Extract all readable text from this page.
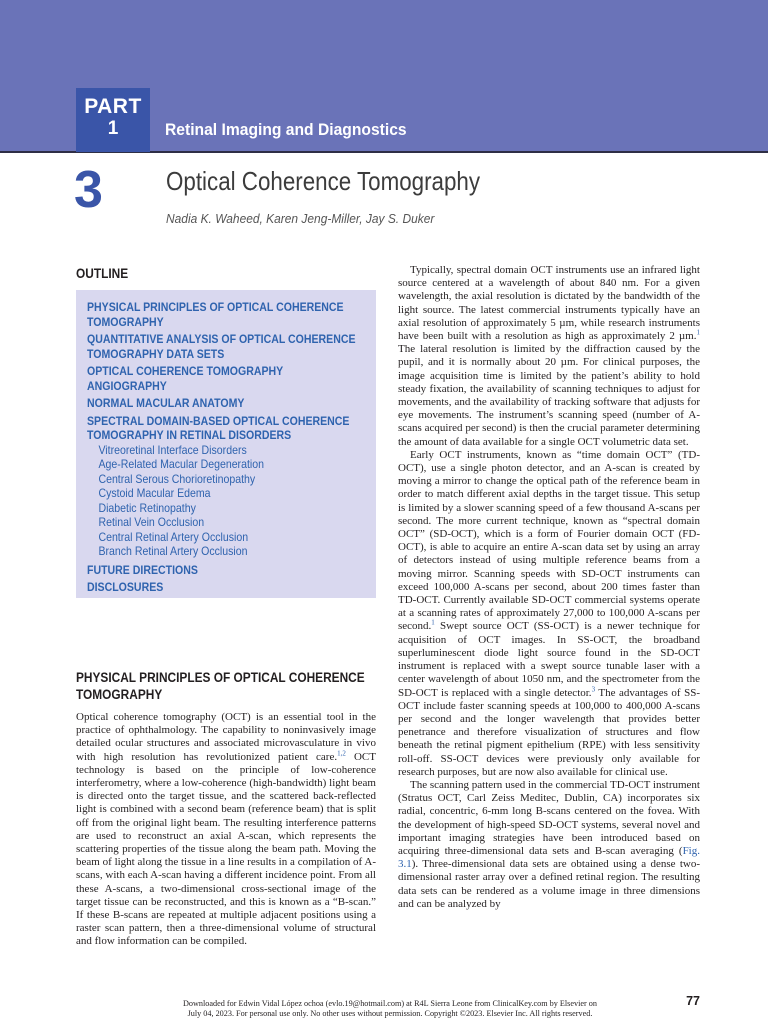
PART
1	Retinal Imaging and Diagnostics
3 Optical Coherence Tomography
Nadia K. Waheed, Karen Jeng-Miller, Jay S. Duker
OUTLINE
PHYSICAL PRINCIPLES OF OPTICAL COHERENCE TOMOGRAPHY
QUANTITATIVE ANALYSIS OF OPTICAL COHERENCE TOMOGRAPHY DATA SETS
OPTICAL COHERENCE TOMOGRAPHY ANGIOGRAPHY
NORMAL MACULAR ANATOMY
SPECTRAL DOMAIN-BASED OPTICAL COHERENCE TOMOGRAPHY IN RETINAL DISORDERS
Vitreoretinal Interface Disorders
Age-Related Macular Degeneration
Central Serous Chorioretinopathy
Cystoid Macular Edema
Diabetic Retinopathy
Retinal Vein Occlusion
Central Retinal Artery Occlusion
Branch Retinal Artery Occlusion
FUTURE DIRECTIONS
DISCLOSURES
PHYSICAL PRINCIPLES OF OPTICAL COHERENCE
TOMOGRAPHY

Optical coherence tomography (OCT) is an essential tool in the practice of ophthalmology. The capability to noninvasively image detailed ocular structures and associated microvasculature in vivo with high resolution has revolutionized patient care.$^{1,2}$ OCT technology is based on the principle of low-coherence interferometry, where a low-coherence (high-bandwidth) light beam is directed onto the target tissue, and the scattered back-reflected light is combined with a second beam (reference beam) that is split off from the original light beam. The resulting interference patterns are used to reconstruct an axial A-scan, which represents the scattering properties of the tissue along the beam path. Moving the beam of light along the tissue in a line results in a compilation of A-scans, with each A-scan having a different incidence point. From all these A-scans, a two-dimensional cross-sectional image of the target tissue can be reconstructed, and this is known as a “B-scan.” If these B-scans are repeated at multiple adjacent positions using a raster scan pattern, then a three-dimensional volume of structural and flow information can be compiled.

Typically, spectral domain OCT instruments use an infrared light source centered at a wavelength of about 840 nm. For a given wavelength, the axial resolution is dictated by the bandwidth of the light source. The latest commercial instruments typically have an axial resolution of approximately 5 µm, while research instruments have been built with a resolution as high as approximately 2 µm.$^1$ The lateral resolution is limited by the diffraction caused by the pupil, and it is normally about 20 µm. For clinical purposes, the image acquisition time is limited by the patient’s ability to hold steady fixation, the availability of scanning techniques to adjust for movements, and the availability of tracking software that adjusts for eye movements. The instrument’s scanning speed (number of A-scans acquired per second) is then the crucial parameter determining the amount of data available for a single OCT volumetric data set.

Early OCT instruments, known as “time domain OCT” (TD-OCT), use a single photon detector, and an A-scan is created by moving a mirror to change the optical path of the reference beam in order to match different axial depths in the target tissue. This setup is limited by a slower scanning speed of a few thousand A-scans per second. The more current technique, known as “spectral domain OCT” (SD-OCT), which is a form of Fourier domain OCT (FD-OCT), is able to acquire an entire A-scan data set by using an array of detectors instead of using multiple reference beams from a moving mirror. Scanning speeds with SD-OCT instruments can exceed 100,000 A-scans per second, about 200 times faster than TD-OCT. Currently available SD-OCT commercial systems operate at a scanning rates of approximately 27,000 to 100,000 A-scans per second.$^1$ Swept source OCT (SS-OCT) is a newer technique for acquisition of OCT images. In SS-OCT, the broadband superluminescent diode light source found in the SD-OCT instrument is replaced with a swept source tunable laser with a center wavelength of about 1050 nm, and the spectrometer from the SD-OCT is replaced with a single detector.$^3$ The advantages of SS-OCT include faster scanning speeds at 100,000 to 400,000 A-scans per second and the longer wavelength that provides better penetrance and therefore visualization of structures and flow beneath the retinal pigment epithelium (RPE) with less sensitivity roll-off. SS-OCT devices were previously only available for research purposes, but are now also available for clinical use.

The scanning pattern used in the commercial TD-OCT instrument (Stratus OCT, Carl Zeiss Meditec, Dublin, CA) incorporates six radial, concentric, 6-mm long B-scans centered on the fovea. With the development of high-speed SD-OCT systems, several novel and important imaging strategies have been introduced based on acquiring three-dimensional data sets and B-scan averaging (Fig. 3.1). Three-dimensional data sets are obtained using a dense two-dimensional raster array over a defined retinal region. The resulting data sets can be rendered as a volume image in three dimensions and can be analyzed by

77
Downloaded for Edwin Vidal López ochoa (evlo.19@hotmail.com) at R4L Sierra Leone from ClinicalKey.com by Elsevier on
July 04, 2023. For personal use only. No other uses without permission. Copyright ©2023. Elsevier Inc. All rights reserved.
